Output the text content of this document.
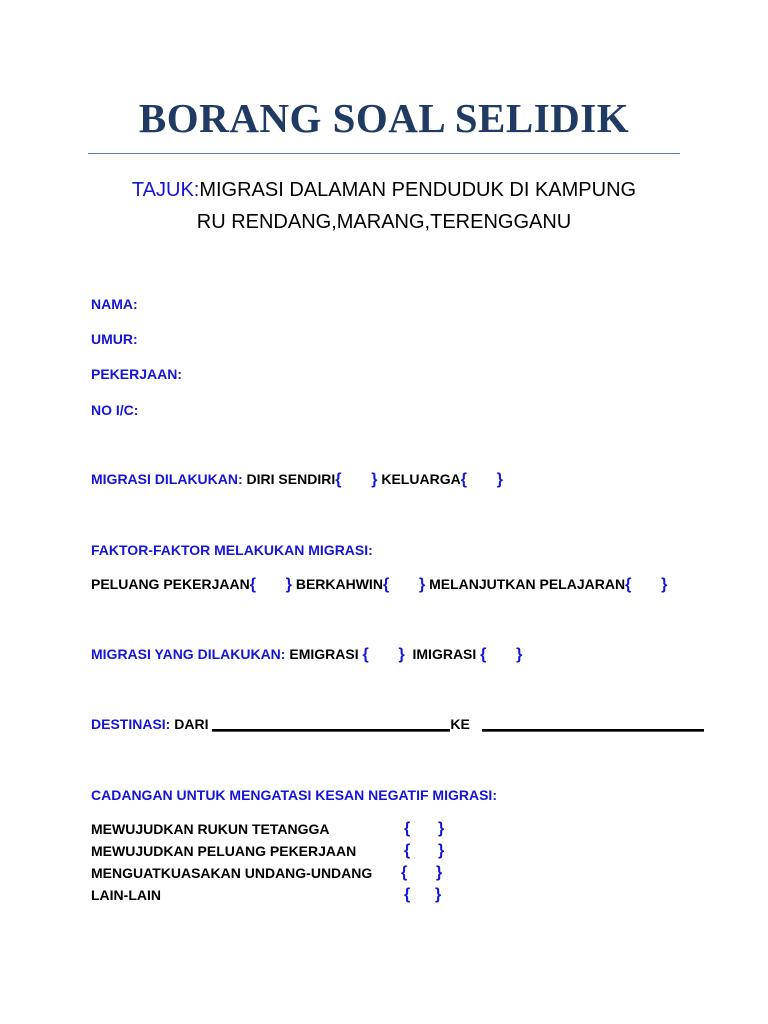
BORANG SOAL SELIDIK
TAJUK:MIGRASI DALAMAN PENDUDUK DI KAMPUNG
RU RENDANG,MARANG,TERENGGANU
NAMA:
UMUR:
PEKERJAAN:
NO I/C:
MIGRASI DILAKUKAN: DIRI SENDIRI{ } KELUARGA{ }
FAKTOR-FAKTOR MELAKUKAN MIGRASI:
PELUANG PEKERJAAN{ } BERKAHWIN{ } MELANJUTKAN PELAJARAN{ }
MIGRASI YANG DILAKUKAN: EMIGRASI { } IMIGRASI { }
DESTINASI: DARI	KE
CADANGAN UNTUK MENGATASI KESAN NEGATIF MIGRASI:
MEWUJUDKAN RUKUN TETANGGA	{ }
MEWUJUDKAN PELUANG PEKERJAAN	{ }
MENGUATKUASAKAN UNDANG-UNDANG { }
LAIN-LAIN	{ }
